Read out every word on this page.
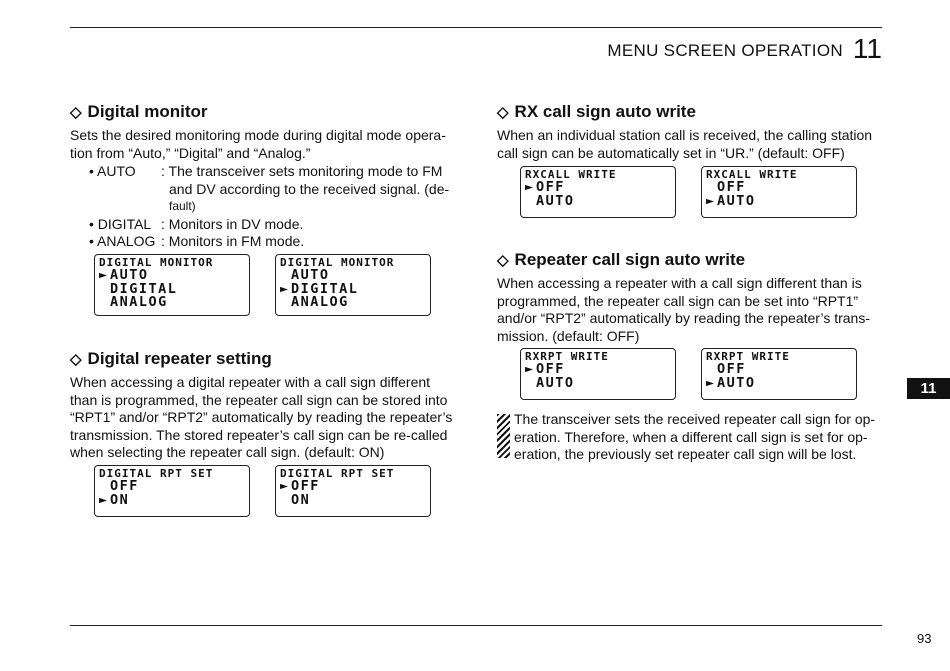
MENU SCREEN OPERATION 11
◇ Digital monitor
Sets the desired monitoring mode during digital mode opera-
tion from “Auto,” “Digital” and “Analog.”
• AUTO : The transceiver sets monitoring mode to FM
and DV according to the received signal. (de-
fault)
• DIGITAL : Monitors in DV mode.
• ANALOG : Monitors in FM mode.
DIGITAL MONITOR
►AUTO
DIGITAL
ANALOG
DIGITAL MONITOR
AUTO
►DIGITAL
ANALOG
◇ Digital repeater setting
When accessing a digital repeater with a call sign different
than is programmed, the repeater call sign can be stored into
“RPT1” and/or “RPT2” automatically by reading the repeater’s
transmission. The stored repeater’s call sign can be re-called
when selecting the repeater call sign. (default: ON)
DIGITAL RPT SET
OFF
►ON
DIGITAL RPT SET
►OFF
ON
◇ RX call sign auto write
When an individual station call is received, the calling station
call sign can be automatically set in “UR.” (default: OFF)
RXCALL WRITE
►OFF
AUTO
RXCALL WRITE
OFF
►AUTO
◇ Repeater call sign auto write
When accessing a repeater with a call sign different than is
programmed, the repeater call sign can be set into “RPT1”
and/or “RPT2” automatically by reading the repeater’s trans-
mission. (default: OFF)
RXRPT WRITE
►OFF
AUTO
RXRPT WRITE
OFF
►AUTO
The transceiver sets the received repeater call sign for op-
eration. Therefore, when a different call sign is set for op-
eration, the previously set repeater call sign will be lost.
11
93
